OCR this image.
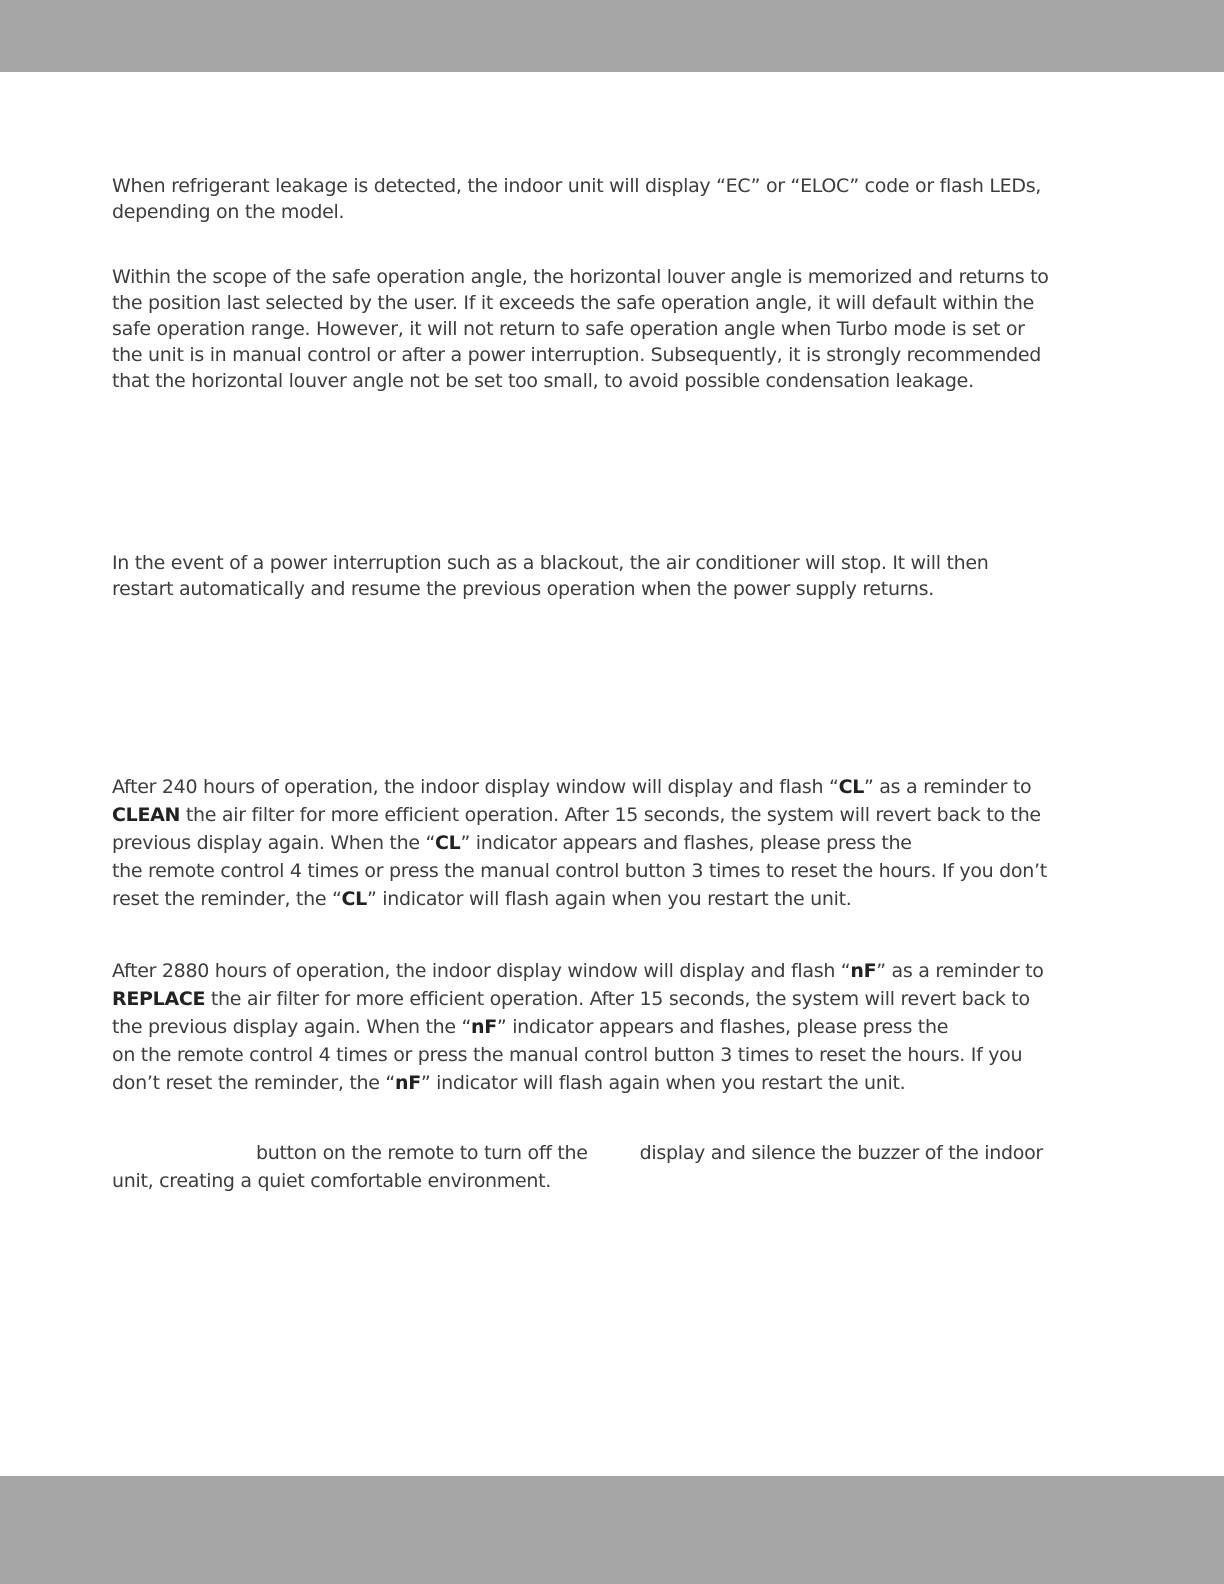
When refrigerant leakage is detected, the indoor unit will display “EC” or “ELOC” code or flash LEDs,
depending on the model.

Within the scope of the safe operation angle, the horizontal louver angle is memorized and returns to
the position last selected by the user. If it exceeds the safe operation angle, it will default within the
safe operation range. However, it will not return to safe operation angle when Turbo mode is set or
the unit is in manual control or after a power interruption. Subsequently, it is strongly recommended
that the horizontal louver angle not be set too small, to avoid possible condensation leakage.

In the event of a power interruption such as a blackout, the air conditioner will stop. It will then
restart automatically and resume the previous operation when the power supply returns.

After 240 hours of operation, the indoor display window will display and flash “CL” as a reminder to
CLEAN the air filter for more efficient operation. After 15 seconds, the system will revert back to the
previous display again. When the “CL” indicator appears and flashes, please press the
the remote control 4 times or press the manual control button 3 times to reset the hours. If you don’t
reset the reminder, the “CL” indicator will flash again when you restart the unit.

After 2880 hours of operation, the indoor display window will display and flash “nF” as a reminder to
REPLACE the air filter for more efficient operation. After 15 seconds, the system will revert back to
the previous display again. When the “nF” indicator appears and flashes, please press the
on the remote control 4 times or press the manual control button 3 times to reset the hours. If you
don’t reset the reminder, the “nF” indicator will flash again when you restart the unit.

button on the remote to turn off the	display and silence the buzzer of the indoor
unit, creating a quiet comfortable environment.
